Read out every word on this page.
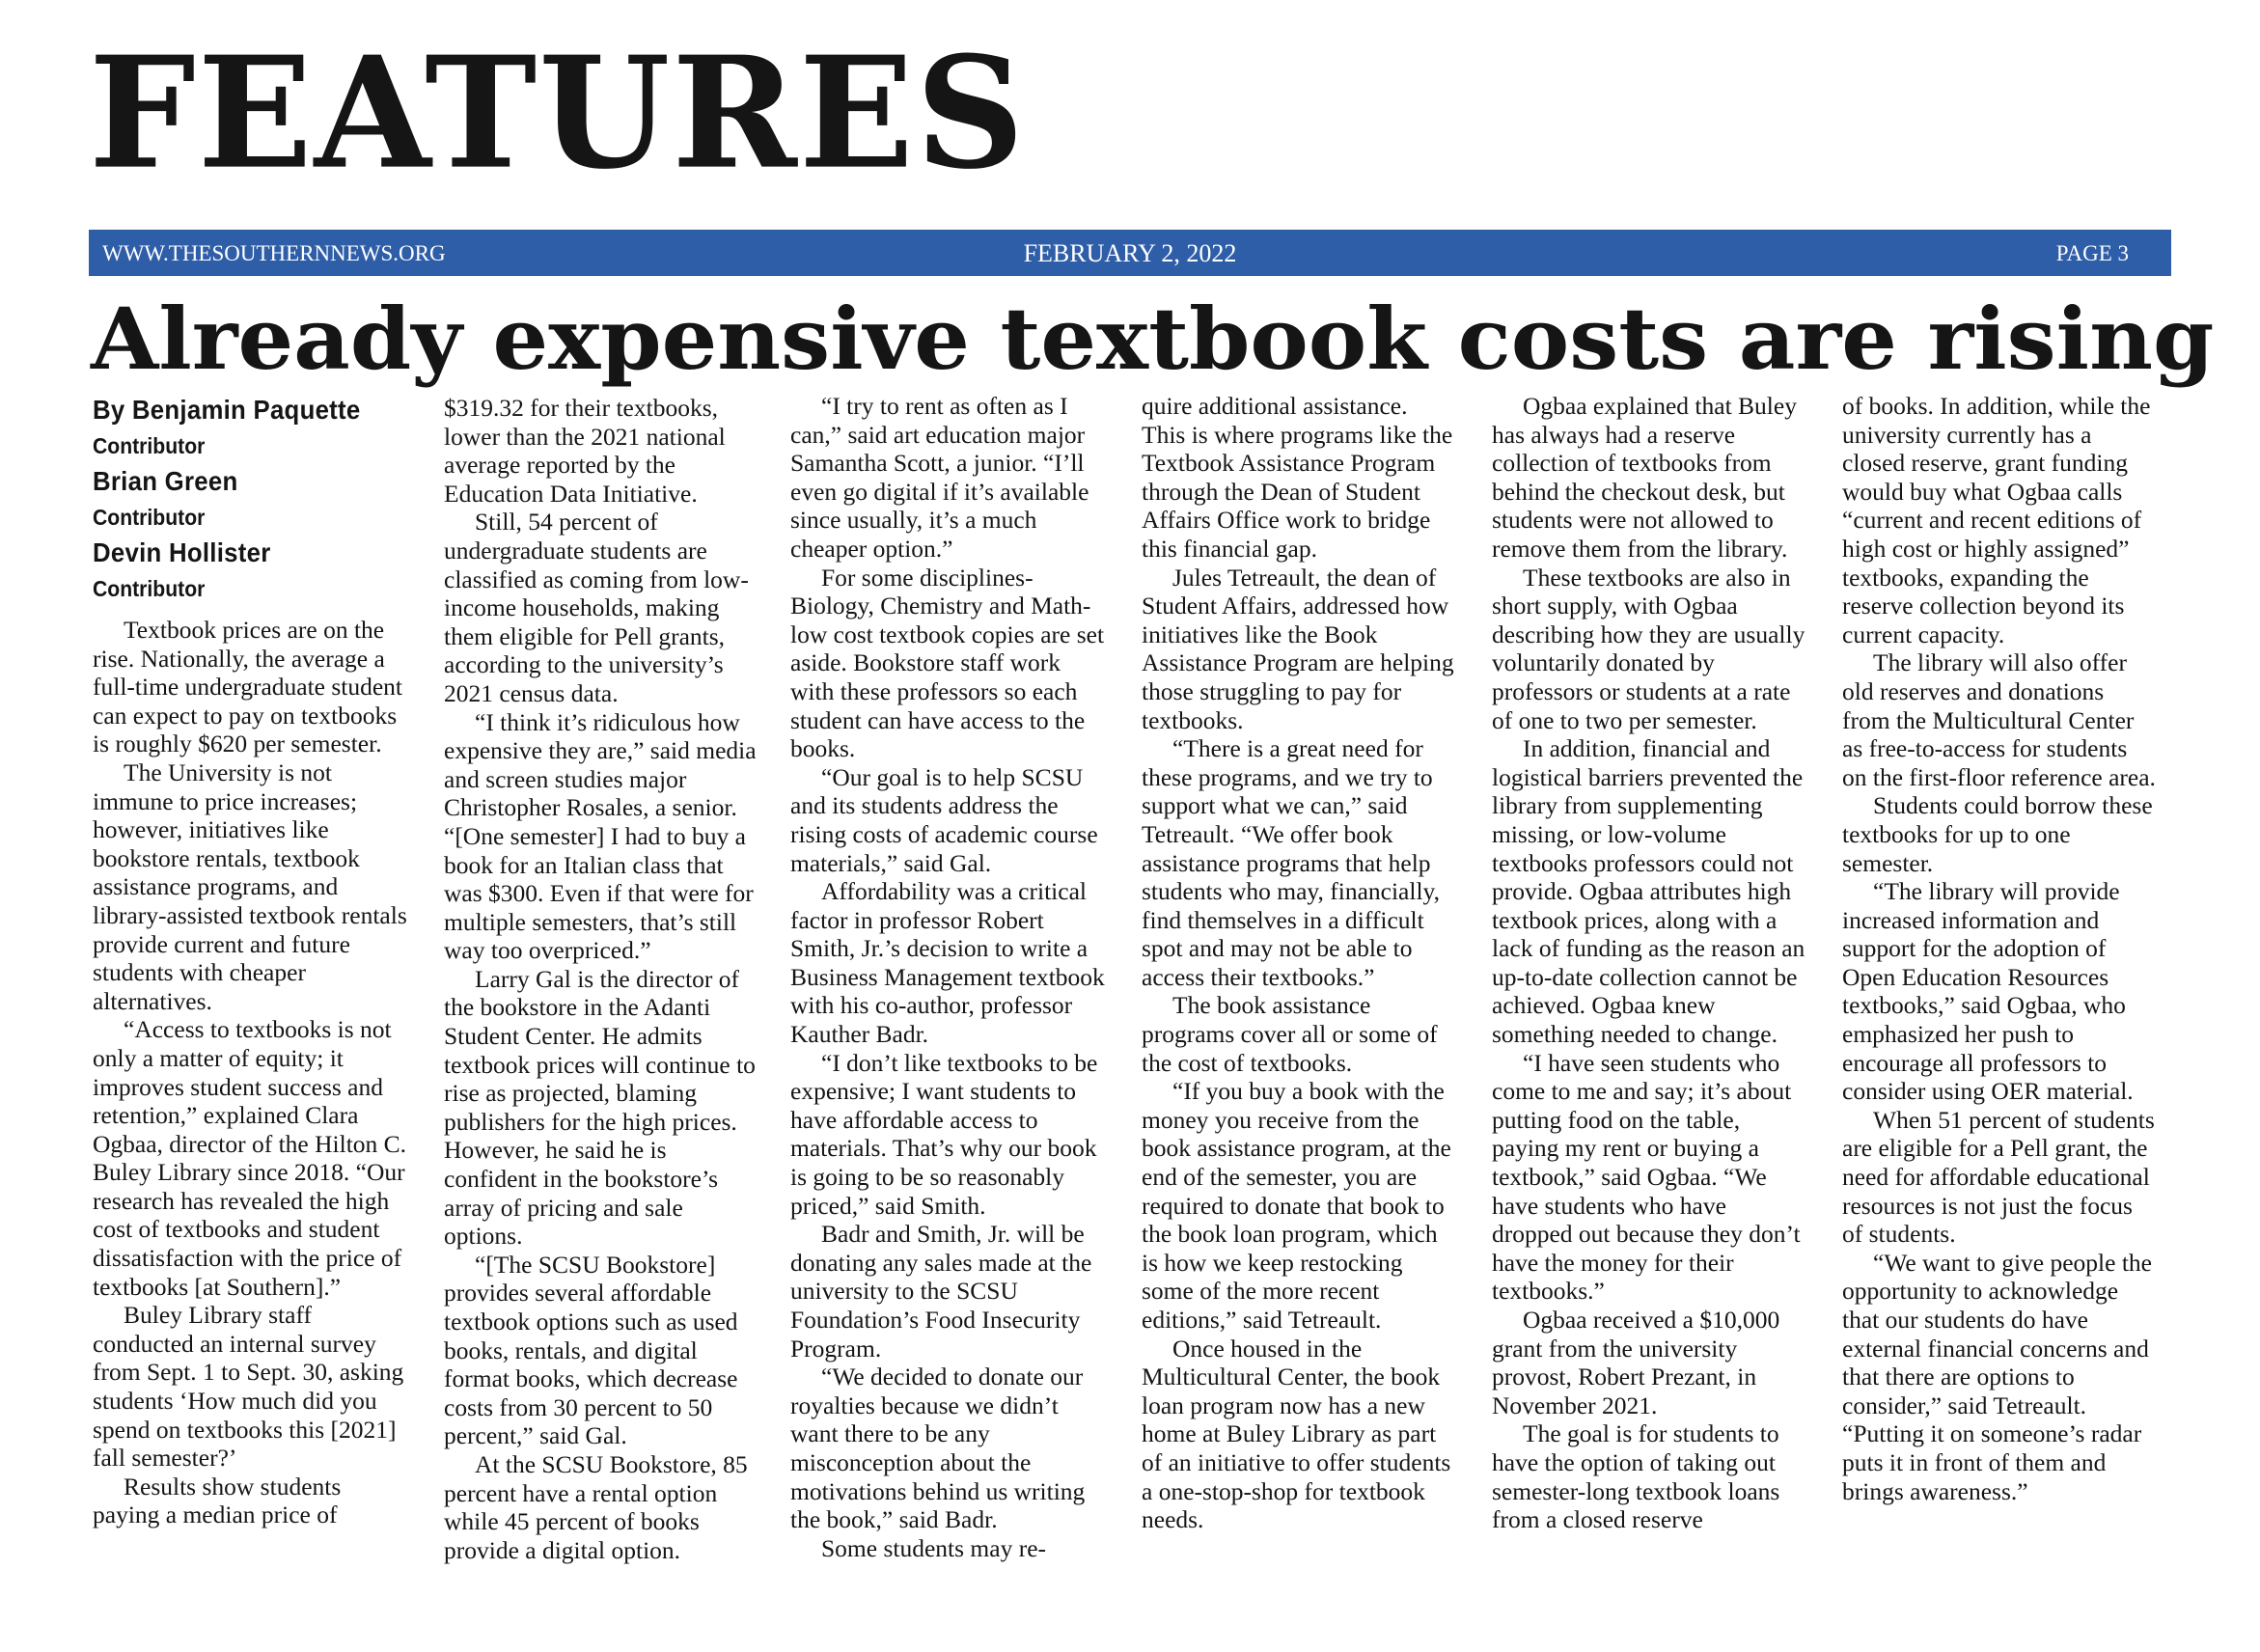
FEATURES
WWW.THESOUTHERNNEWS.ORG	FEBRUARY 2, 2022	PAGE 3
Already expensive textbook costs are rising
By Benjamin Paquette
Contributor
Brian Green
Contributor
Devin Hollister
Contributor

Textbook prices are on the rise. Nationally, the average a full-time undergraduate student can expect to pay on textbooks is roughly $620 per semester.

The University is not immune to price increases; however, initiatives like bookstore rentals, textbook assistance programs, and library-assisted textbook rentals provide current and future students with cheaper alternatives.

“Access to textbooks is not only a matter of equity; it improves student success and retention,” explained Clara Ogbaa, director of the Hilton C. Buley Library since 2018. “Our research has revealed the high cost of textbooks and student dissatisfaction with the price of textbooks [at Southern].”

Buley Library staff conducted an internal survey from Sept. 1 to Sept. 30, asking students ‘How much did you spend on textbooks this [2021] fall semester?’

Results show students paying a median price of

$319.32 for their textbooks, lower than the 2021 national average reported by the Education Data Initiative.

Still, 54 percent of undergraduate students are classified as coming from low-income households, making them eligible for Pell grants, according to the university’s 2021 census data.

“I think it’s ridiculous how expensive they are,” said media and screen studies major Christopher Rosales, a senior. “[One semester] I had to buy a book for an Italian class that was $300. Even if that were for multiple semesters, that’s still way too overpriced.”

Larry Gal is the director of the bookstore in the Adanti Student Center. He admits textbook prices will continue to rise as projected, blaming publishers for the high prices. However, he said he is confident in the bookstore’s array of pricing and sale options.

“[The SCSU Bookstore] provides several affordable textbook options such as used books, rentals, and digital format books, which decrease costs from 30 percent to 50 percent,” said Gal.

At the SCSU Bookstore, 85 percent have a rental option while 45 percent of books provide a digital option.

“I try to rent as often as I can,” said art education major Samantha Scott, a junior. “I’ll even go digital if it’s available since usually, it’s a much cheaper option.”

For some disciplines- Biology, Chemistry and Math- low cost textbook copies are set aside. Bookstore staff work with these professors so each student can have access to the books.

“Our goal is to help SCSU and its students address the rising costs of academic course materials,” said Gal.

Affordability was a critical factor in professor Robert Smith, Jr.’s decision to write a Business Management textbook with his co-author, professor Kauther Badr.

“I don’t like textbooks to be expensive; I want students to have affordable access to materials. That’s why our book is going to be so reasonably priced,” said Smith.

Badr and Smith, Jr. will be donating any sales made at the university to the SCSU Foundation’s Food Insecurity Program.

“We decided to donate our royalties because we didn’t want there to be any misconception about the motivations behind us writing the book,” said Badr.

Some students may re-

quire additional assistance. This is where programs like the Textbook Assistance Program through the Dean of Student Affairs Office work to bridge this financial gap.

Jules Tetreault, the dean of Student Affairs, addressed how initiatives like the Book Assistance Program are helping those struggling to pay for textbooks.

“There is a great need for these programs, and we try to support what we can,” said Tetreault. “We offer book assistance programs that help students who may, financially, find themselves in a difficult spot and may not be able to access their textbooks.”

The book assistance programs cover all or some of the cost of textbooks.

“If you buy a book with the money you receive from the book assistance program, at the end of the semester, you are required to donate that book to the book loan program, which is how we keep restocking some of the more recent editions,” said Tetreault.

Once housed in the Multicultural Center, the book loan program now has a new home at Buley Library as part of an initiative to offer students a one-stop-shop for textbook needs.

Ogbaa explained that Buley has always had a reserve collection of textbooks from behind the checkout desk, but students were not allowed to remove them from the library.

These textbooks are also in short supply, with Ogbaa describing how they are usually voluntarily donated by professors or students at a rate of one to two per semester.

In addition, financial and logistical barriers prevented the library from supplementing missing, or low-volume textbooks professors could not provide. Ogbaa attributes high textbook prices, along with a lack of funding as the reason an up-to-date collection cannot be achieved. Ogbaa knew something needed to change.

“I have seen students who come to me and say; it’s about putting food on the table, paying my rent or buying a textbook,” said Ogbaa. “We have students who have dropped out because they don’t have the money for their textbooks.”

Ogbaa received a $10,000 grant from the university provost, Robert Prezant, in November 2021.

The goal is for students to have the option of taking out semester-long textbook loans from a closed reserve

of books. In addition, while the university currently has a closed reserve, grant funding would buy what Ogbaa calls “current and recent editions of high cost or highly assigned” textbooks, expanding the reserve collection beyond its current capacity.

The library will also offer old reserves and donations from the Multicultural Center as free-to-access for students on the first-floor reference area.

Students could borrow these textbooks for up to one semester.

“The library will provide increased information and support for the adoption of Open Education Resources textbooks,” said Ogbaa, who emphasized her push to encourage all professors to consider using OER material.

When 51 percent of students are eligible for a Pell grant, the need for affordable educational resources is not just the focus of students.

“We want to give people the opportunity to acknowledge that our students do have external financial concerns and that there are options to consider,” said Tetreault. “Putting it on someone’s radar puts it in front of them and brings awareness.”
